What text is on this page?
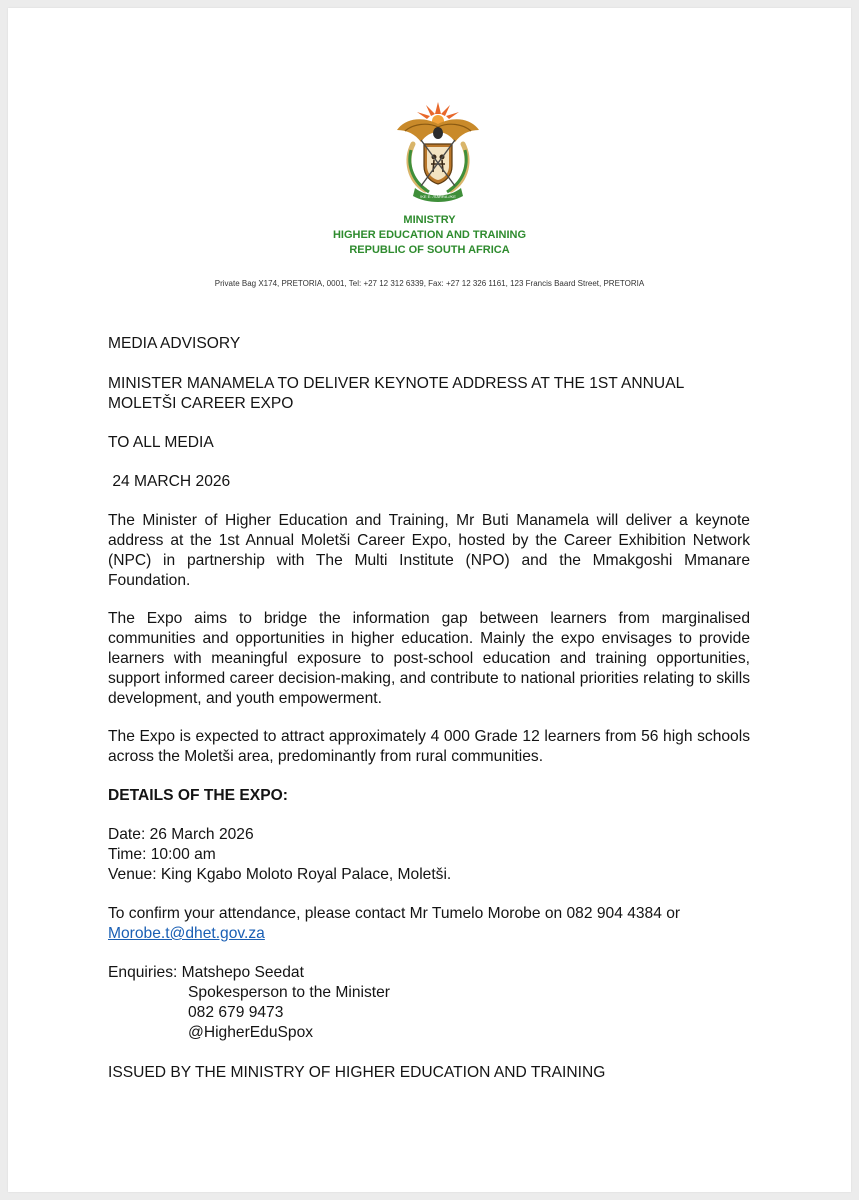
!KE E: /XARRA //KE
MINISTRY
HIGHER EDUCATION AND TRAINING
REPUBLIC OF SOUTH AFRICA
Private Bag X174, PRETORIA, 0001, Tel: +27 12 312 6339, Fax: +27 12 326 1161, 123 Francis Baard Street, PRETORIA
MEDIA ADVISORY
MINISTER MANAMELA TO DELIVER KEYNOTE ADDRESS AT THE 1ST ANNUAL
MOLETŠI CAREER EXPO
TO ALL MEDIA
24 MARCH 2026
The Minister of Higher Education and Training, Mr Buti Manamela will deliver a keynote address at the 1st Annual Moletši Career Expo, hosted by the Career Exhibition Network (NPC) in partnership with The Multi Institute (NPO) and the Mmakgoshi Mmanare Foundation.
The Expo aims to bridge the information gap between learners from marginalised communities and opportunities in higher education. Mainly the expo envisages to provide learners with meaningful exposure to post-school education and training opportunities, support informed career decision-making, and contribute to national priorities relating to skills development, and youth empowerment.
The Expo is expected to attract approximately 4 000 Grade 12 learners from 56 high schools across the Moletši area, predominantly from rural communities.
DETAILS OF THE EXPO:
Date: 26 March 2026
Time: 10:00 am
Venue: King Kgabo Moloto Royal Palace, Moletši.
To confirm your attendance, please contact Mr Tumelo Morobe on 082 904 4384 or
Morobe.t@dhet.gov.za
Enquiries: Matshepo Seedat
Spokesperson to the Minister
082 679 9473
@HigherEduSpox
ISSUED BY THE MINISTRY OF HIGHER EDUCATION AND TRAINING
